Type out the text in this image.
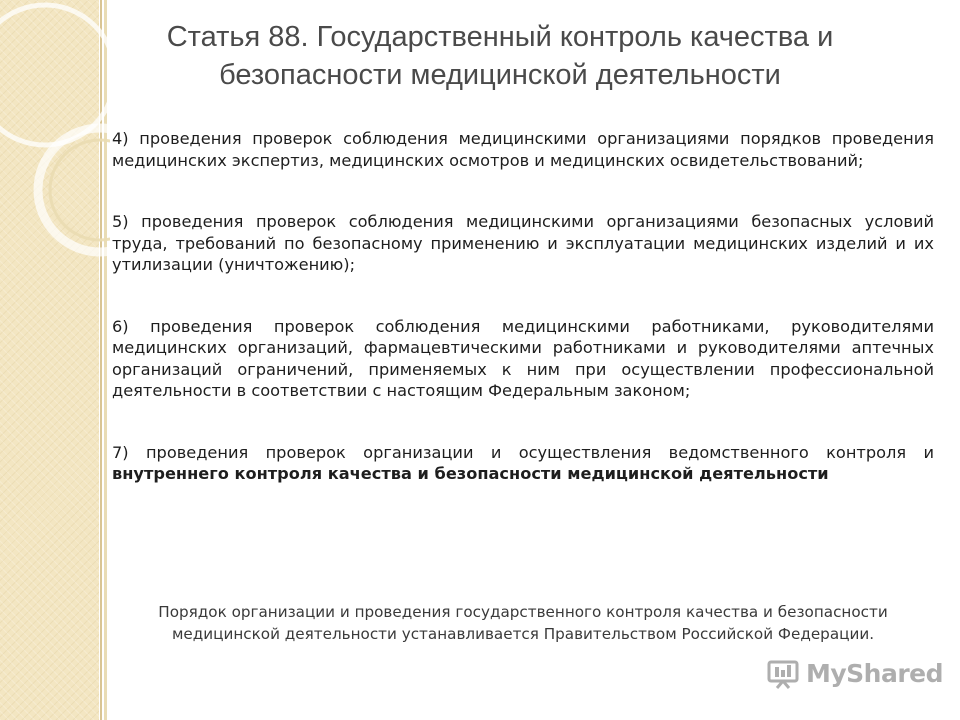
Статья 88. Государственный контроль качества и
безопасности медицинской деятельности

4) проведения проверок соблюдения медицинскими организациями порядков проведения медицинских экспертиз, медицинских осмотров и медицинских освидетельствований;

5) проведения проверок соблюдения медицинскими организациями безопасных условий труда, требований по безопасному применению и эксплуатации медицинских изделий и их утилизации (уничтожению);

6) проведения проверок соблюдения медицинскими работниками, руководителями медицинских организаций, фармацевтическими работниками и руководителями аптечных организаций ограничений, применяемых к ним при осуществлении профессиональной деятельности в соответствии с настоящим Федеральным законом;

7) проведения проверок организации и осуществления ведомственного контроля и внутреннего контроля качества и безопасности медицинской деятельности

Порядок организации и проведения государственного контроля качества и безопасности медицинской деятельности устанавливается Правительством Российской Федерации.
MyShared
